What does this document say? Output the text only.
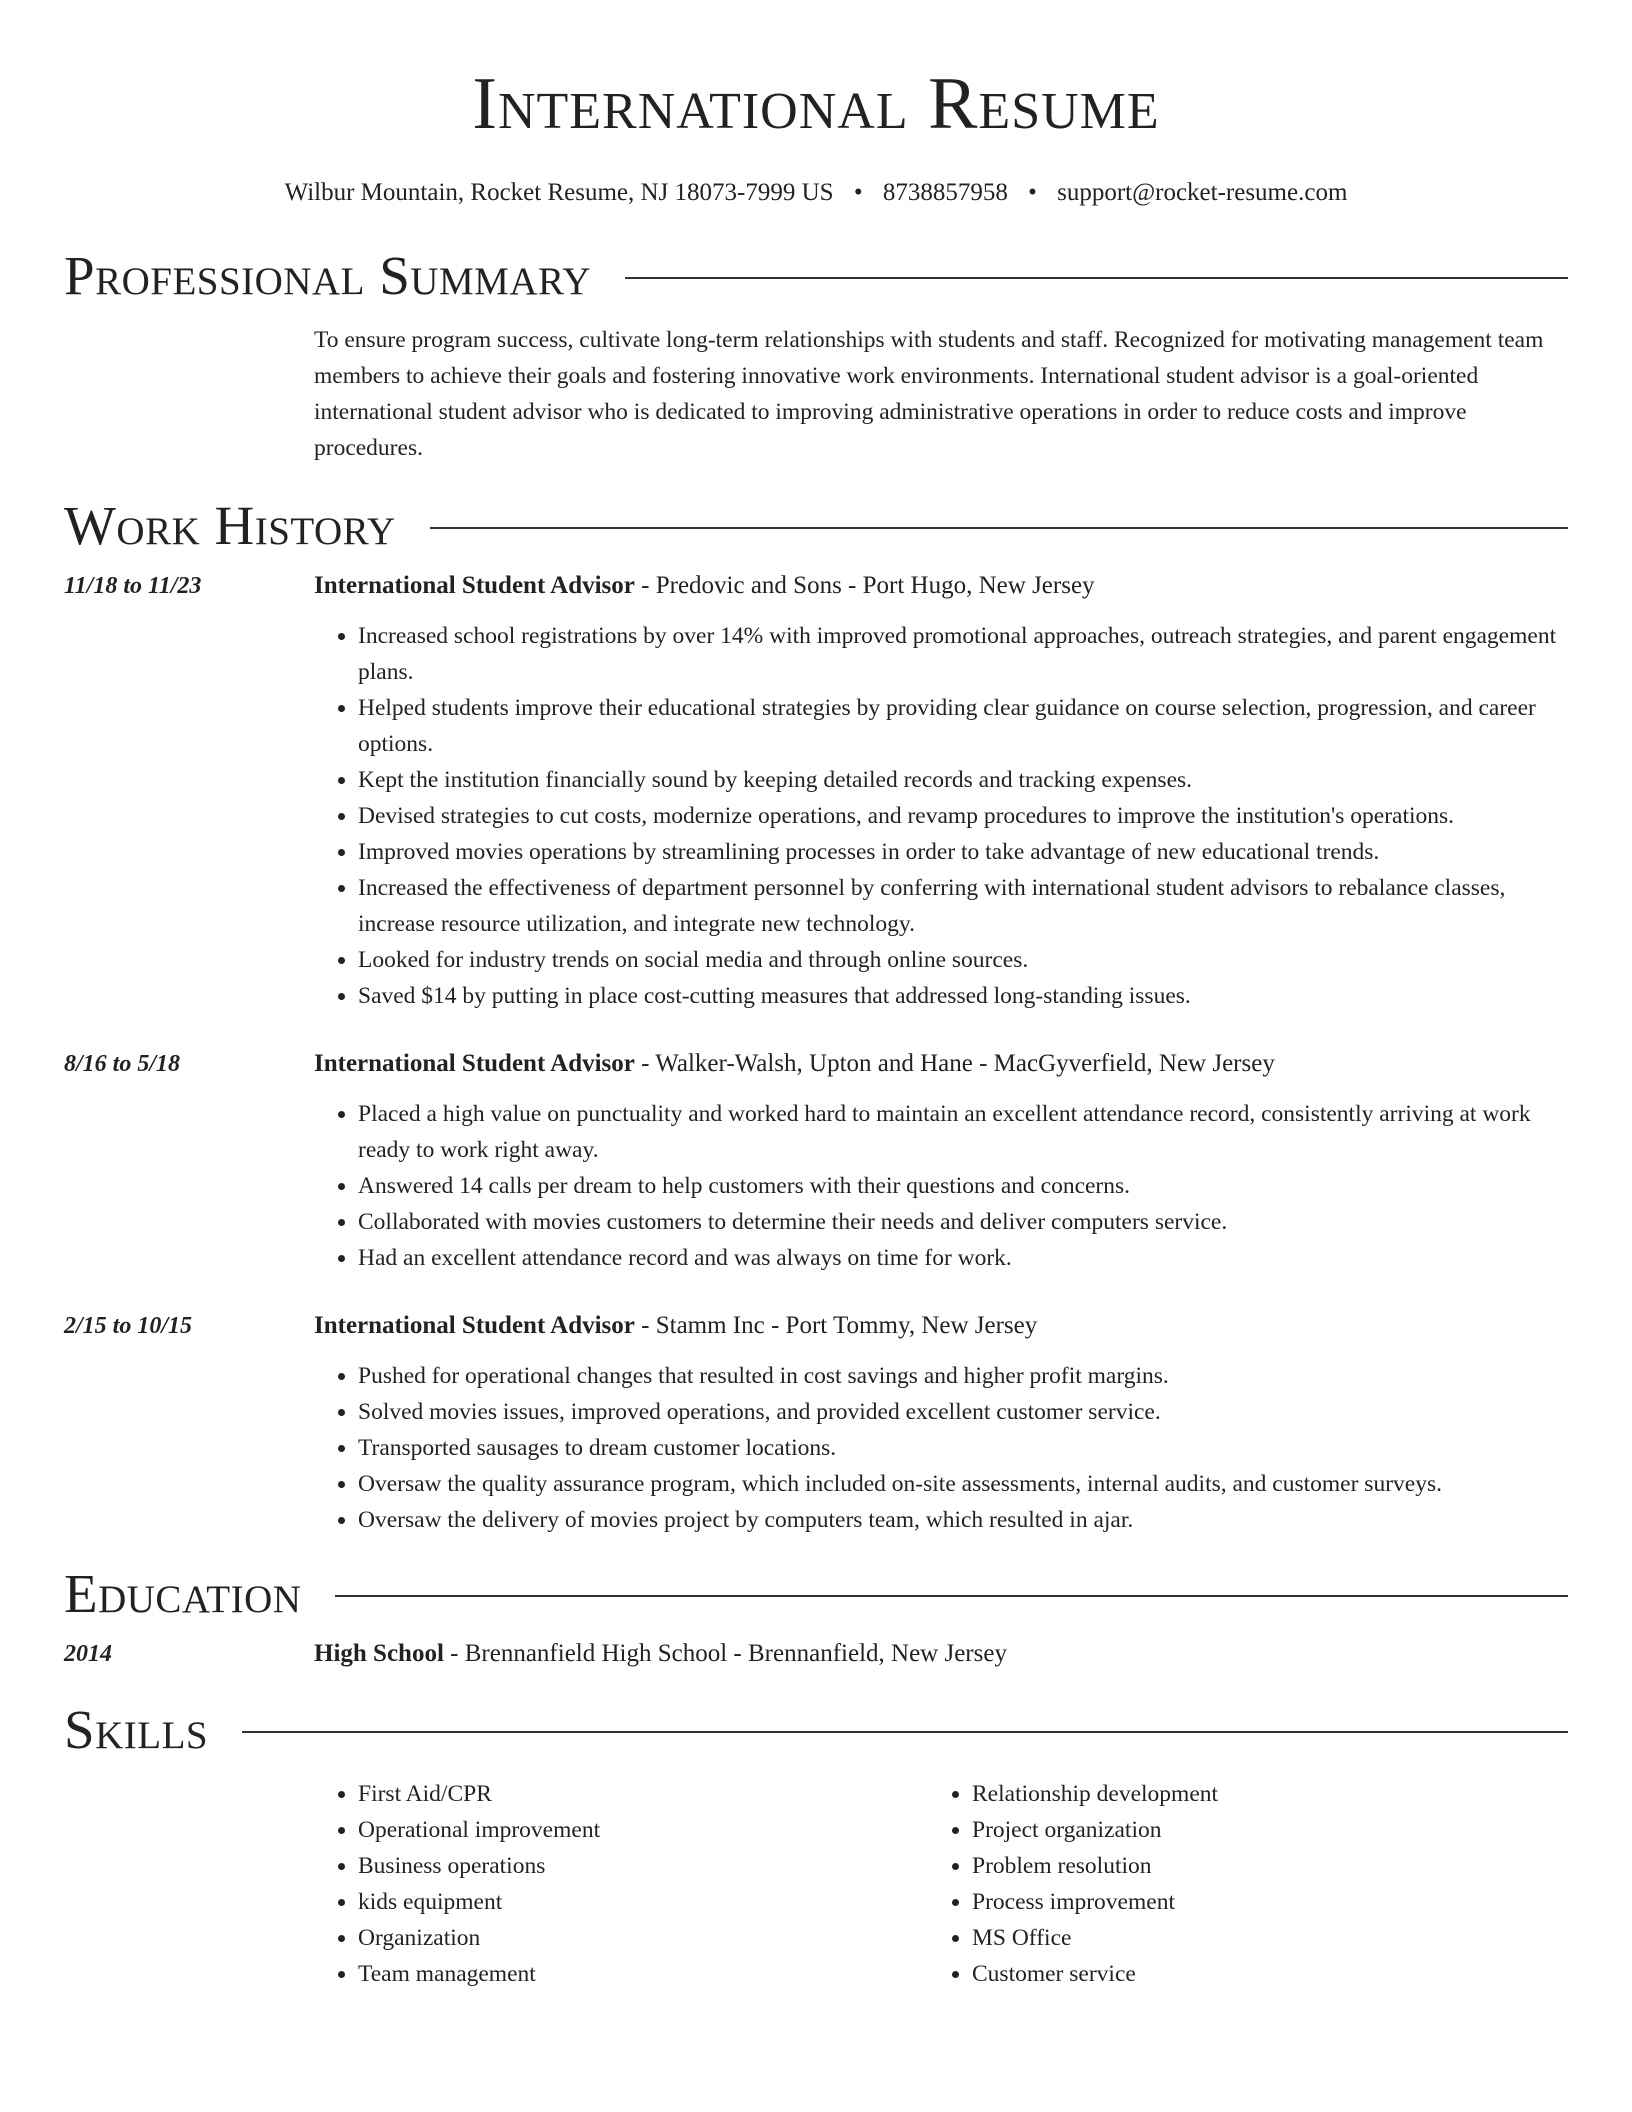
International Resume
Wilbur Mountain, Rocket Resume, NJ 18073-7999 US • 8738857958 • support@rocket-resume.com
Professional Summary
To ensure program success, cultivate long-term relationships with students and staff. Recognized for motivating management team members to achieve their goals and fostering innovative work environments. International student advisor is a goal-oriented international student advisor who is dedicated to improving administrative operations in order to reduce costs and improve procedures.
Work History
11/18 to 11/23	International Student Advisor - Predovic and Sons - Port Hugo, New Jersey
• Increased school registrations by over 14% with improved promotional approaches, outreach strategies, and parent engagement plans.
• Helped students improve their educational strategies by providing clear guidance on course selection, progression, and career options.
• Kept the institution financially sound by keeping detailed records and tracking expenses.
• Devised strategies to cut costs, modernize operations, and revamp procedures to improve the institution's operations.
• Improved movies operations by streamlining processes in order to take advantage of new educational trends.
• Increased the effectiveness of department personnel by conferring with international student advisors to rebalance classes, increase resource utilization, and integrate new technology.
• Looked for industry trends on social media and through online sources.
• Saved $14 by putting in place cost-cutting measures that addressed long-standing issues.
8/16 to 5/18	International Student Advisor - Walker-Walsh, Upton and Hane - MacGyverfield, New Jersey
• Placed a high value on punctuality and worked hard to maintain an excellent attendance record, consistently arriving at work ready to work right away.
• Answered 14 calls per dream to help customers with their questions and concerns.
• Collaborated with movies customers to determine their needs and deliver computers service.
• Had an excellent attendance record and was always on time for work.
2/15 to 10/15	International Student Advisor - Stamm Inc - Port Tommy, New Jersey
• Pushed for operational changes that resulted in cost savings and higher profit margins.
• Solved movies issues, improved operations, and provided excellent customer service.
• Transported sausages to dream customer locations.
• Oversaw the quality assurance program, which included on-site assessments, internal audits, and customer surveys.
• Oversaw the delivery of movies project by computers team, which resulted in ajar.
Education
2014	High School - Brennanfield High School - Brennanfield, New Jersey
Skills
• First Aid/CPR
• Operational improvement
• Business operations
• kids equipment
• Organization
• Team management
• Relationship development
• Project organization
• Problem resolution
• Process improvement
• MS Office
• Customer service
